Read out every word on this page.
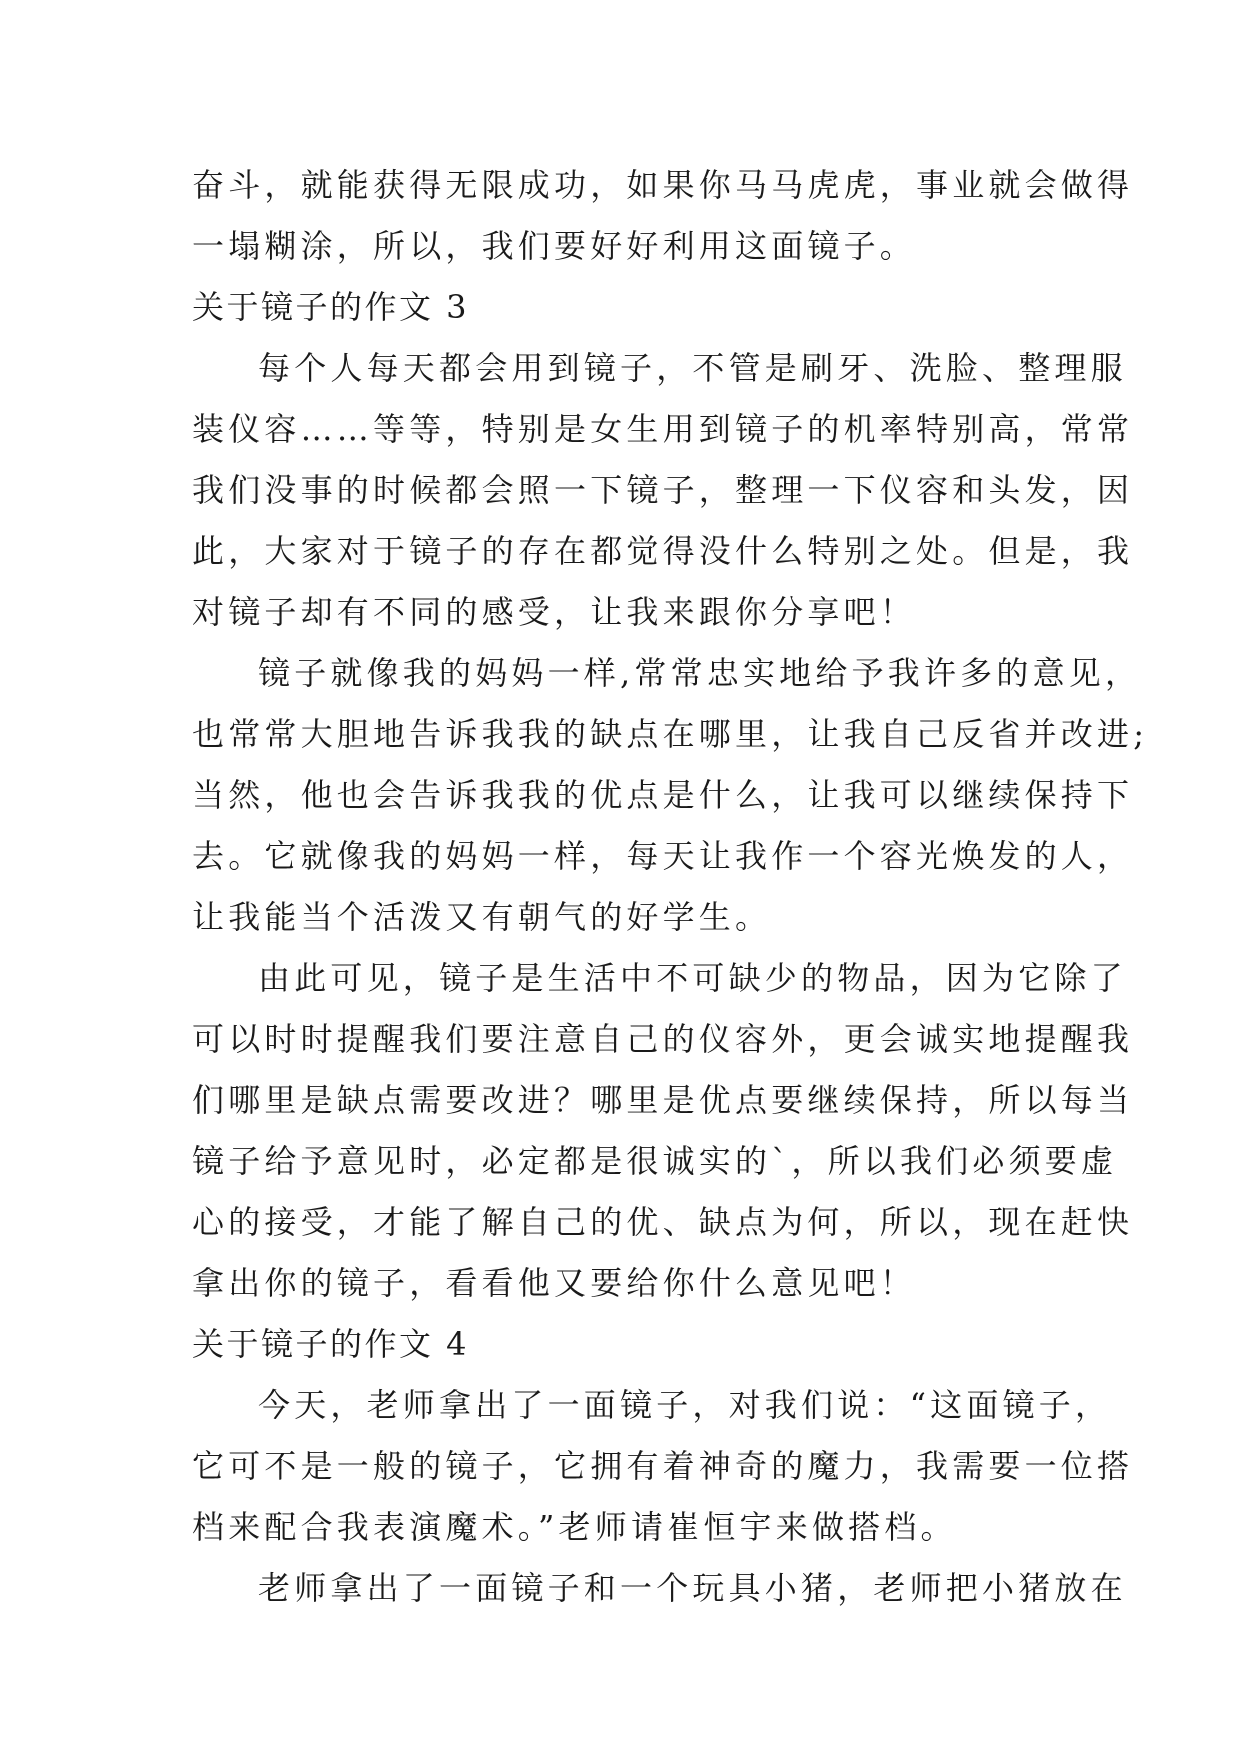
奋斗，就能获得无限成功，如果你马马虎虎，事业就会做得
一塌糊涂，所以，我们要好好利用这面镜子。
关于镜子的作文 3
每个人每天都会用到镜子，不管是刷牙、洗脸、整理服
装仪容……等等，特别是女生用到镜子的机率特别高，常常
我们没事的时候都会照一下镜子，整理一下仪容和头发，因
此，大家对于镜子的存在都觉得没什么特别之处。但是，我
对镜子却有不同的感受，让我来跟你分享吧！
镜子就像我的妈妈一样,常常忠实地给予我许多的意见，
也常常大胆地告诉我我的缺点在哪里，让我自己反省并改进;
当然，他也会告诉我我的优点是什么，让我可以继续保持下
去。它就像我的妈妈一样，每天让我作一个容光焕发的人，
让我能当个活泼又有朝气的好学生。
由此可见，镜子是生活中不可缺少的物品，因为它除了
可以时时提醒我们要注意自己的仪容外，更会诚实地提醒我
们哪里是缺点需要改进？哪里是优点要继续保持，所以每当
镜子给予意见时，必定都是很诚实的`，所以我们必须要虚
心的接受，才能了解自己的优、缺点为何，所以，现在赶快
拿出你的镜子，看看他又要给你什么意见吧！
关于镜子的作文 4
今天，老师拿出了一面镜子，对我们说：“这面镜子，
它可不是一般的镜子，它拥有着神奇的魔力，我需要一位搭
档来配合我表演魔术。”老师请崔恒宇来做搭档。
老师拿出了一面镜子和一个玩具小猪，老师把小猪放在
